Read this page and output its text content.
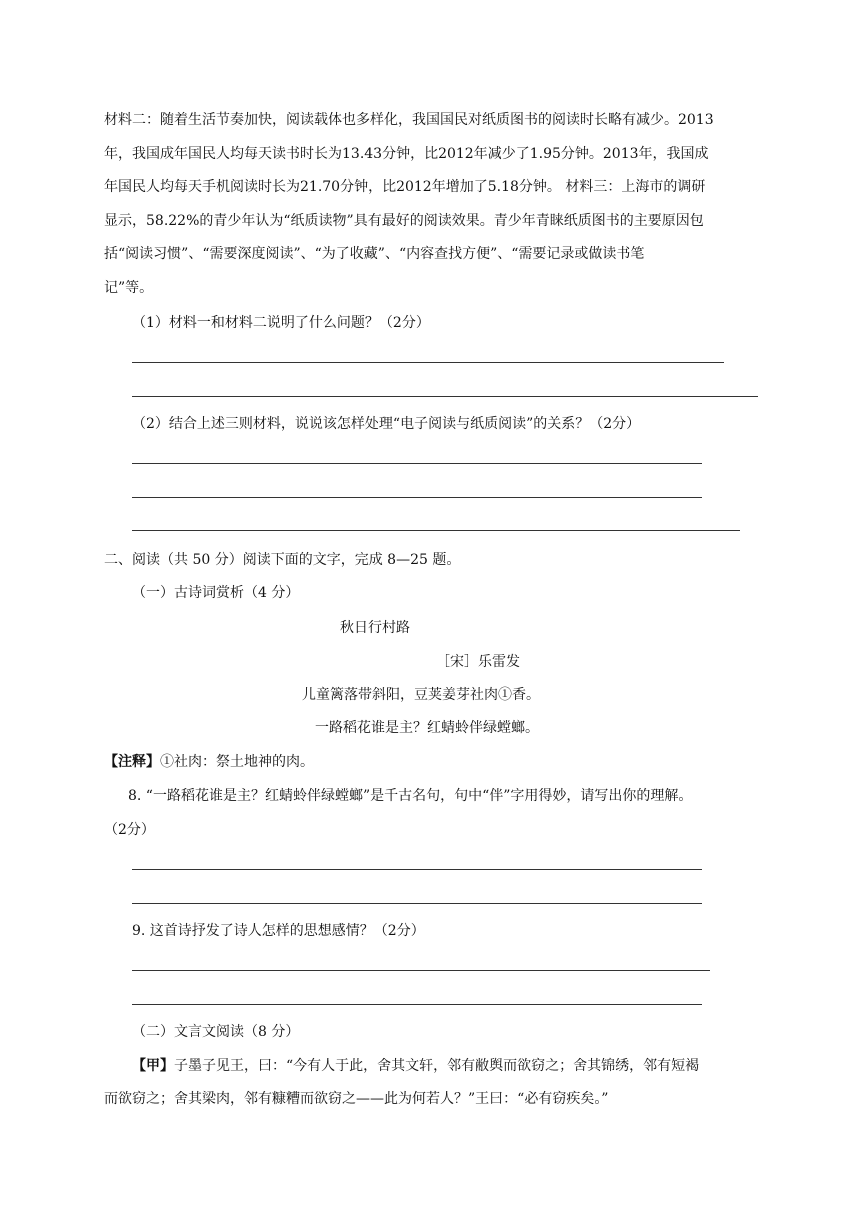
材料二：随着生活节奏加快，阅读载体也多样化，我国国民对纸质图书的阅读时长略有减少。2013
年，我国成年国民人均每天读书时长为13.43分钟，比2012年减少了1.95分钟。2013年，我国成
年国民人均每天手机阅读时长为21.70分钟，比2012年增加了5.18分钟。 材料三：上海市的调研
显示，58.22%的青少年认为“纸质读物”具有最好的阅读效果。青少年青睐纸质图书的主要原因包
括“阅读习惯”、“需要深度阅读”、“为了收藏”、“内容查找方便”、“需要记录或做读书笔
记”等。
（1）材料一和材料二说明了什么问题？（2分）
（2）结合上述三则材料，说说该怎样处理“电子阅读与纸质阅读”的关系？（2分）
二、阅读（共 50 分）阅读下面的文字，完成 8—25 题。
（一）古诗词赏析（4 分）
秋日行村路
［宋］乐雷发
儿童篱落带斜阳，豆荚姜芽社肉①香。
一路稻花谁是主？红蜻蛉伴绿螳螂。
【注释】①社肉：祭土地神的肉。
8. “一路稻花谁是主？红蜻蛉伴绿螳螂”是千古名句，句中“伴”字用得妙，请写出你的理解。
（2分）
9. 这首诗抒发了诗人怎样的思想感情？（2分）
（二）文言文阅读（8 分）
【甲】子墨子见王，曰：“今有人于此，舍其文轩，邻有敝舆而欲窃之；舍其锦绣，邻有短褐
而欲窃之；舍其梁肉，邻有糠糟而欲窃之——此为何若人？”王曰：“必有窃疾矣。”
